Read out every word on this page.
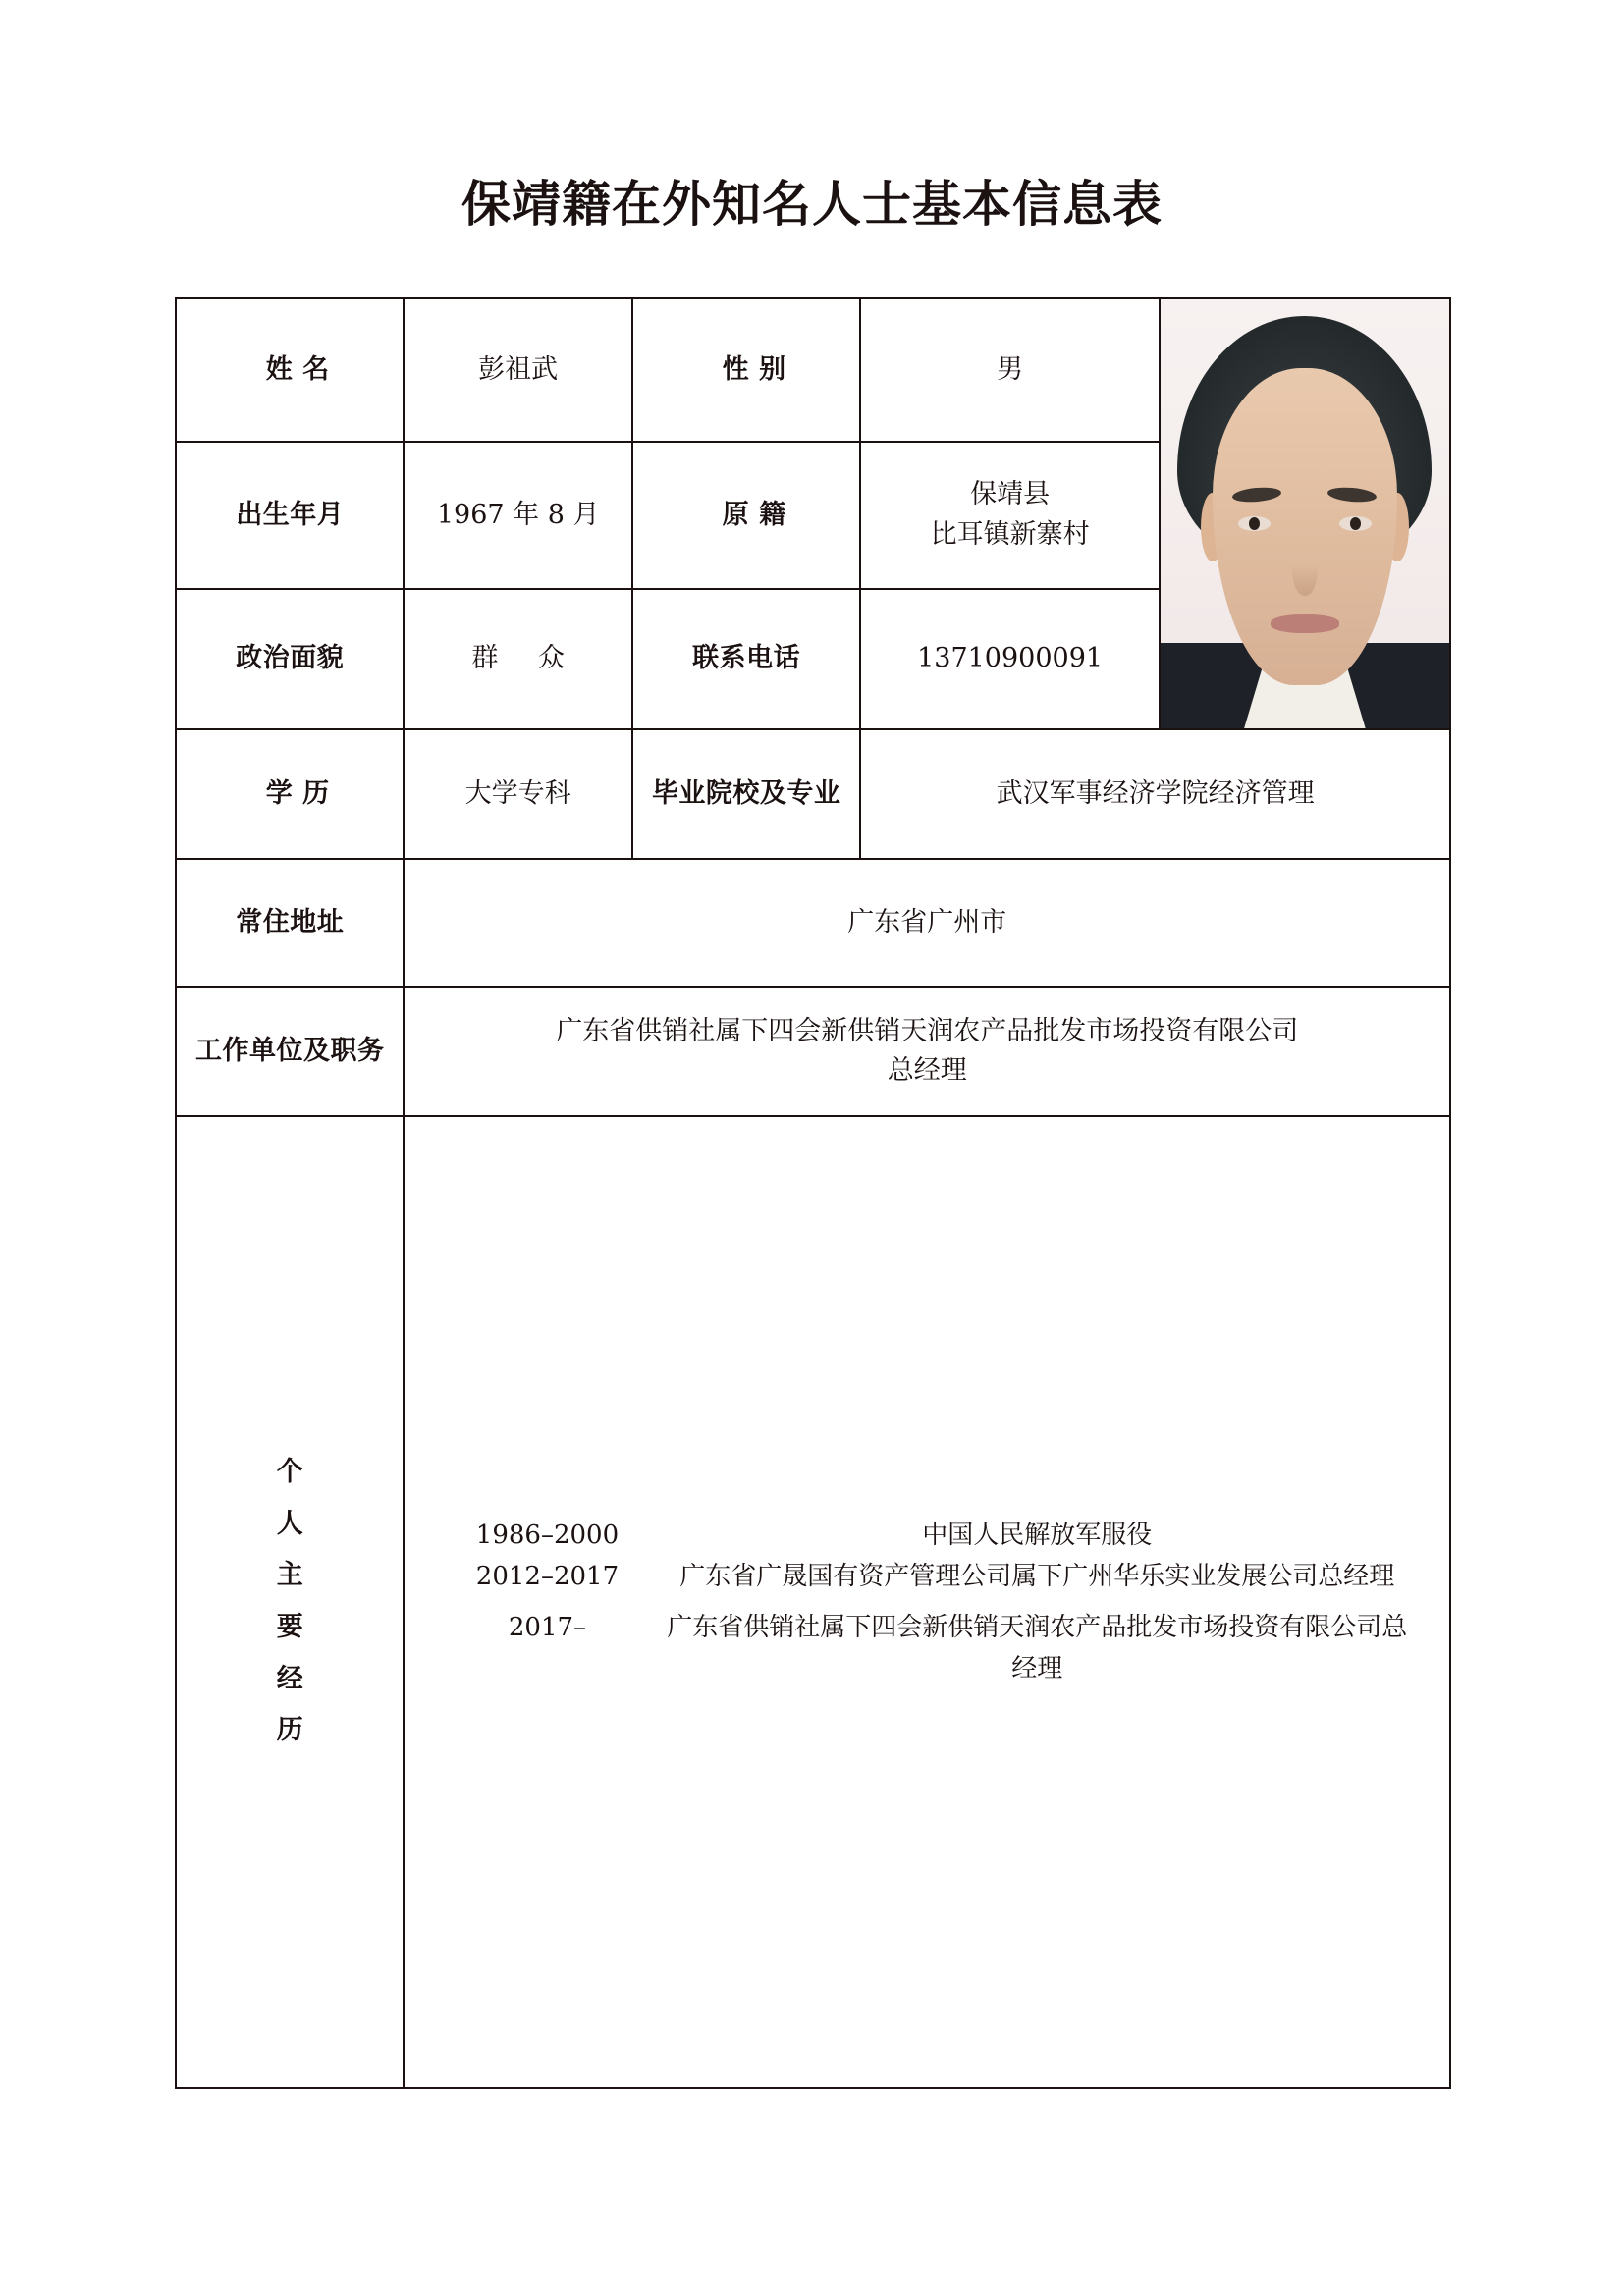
保靖籍在外知名人士基本信息表
姓 名	彭祖武	性 别	男	

出生年月	1967 年 8 月	原 籍	保靖县
比耳镇新寨村	

政治面貌	群 众	联系电话	13710900091	
学 历	大学专科	毕业院校及专业	武汉军事经济学院经济管理	
常住地址	广东省广州市			
工作单位及职务	广东省供销社属下四会新供销天润农产品批发市场投资有限公司
总经理			

个
人
主
要
经
历

1986–2000	中国人民解放军服役
2012–2017	广东省广晟国有资产管理公司属下广州华乐实业发展公司总经理
2017–	广东省供销社属下四会新供销天润农产品批发市场投资有限公司总经理
